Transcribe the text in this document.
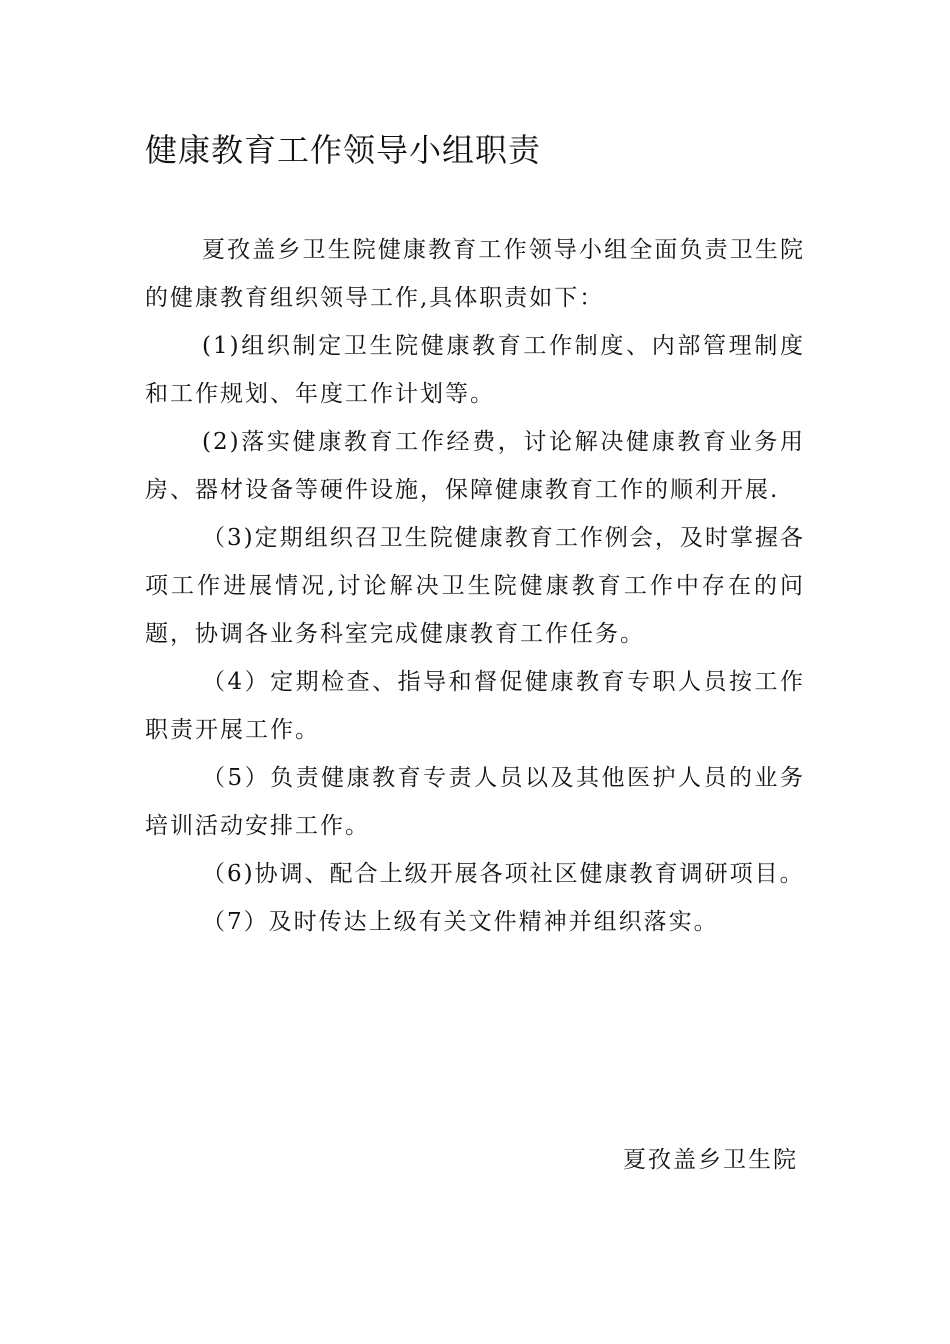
健康教育工作领导小组职责

夏孜盖乡卫生院健康教育工作领导小组全面负责卫生院的健康教育组织领导工作,具体职责如下：

(1)组织制定卫生院健康教育工作制度、内部管理制度和工作规划、年度工作计划等。

(2)落实健康教育工作经费，讨论解决健康教育业务用房、器材设备等硬件设施，保障健康教育工作的顺利开展.

（3)定期组织召卫生院健康教育工作例会，及时掌握各项工作进展情况,讨论解决卫生院健康教育工作中存在的问题，协调各业务科室完成健康教育工作任务。

（4）定期检查、指导和督促健康教育专职人员按工作职责开展工作。

（5）负责健康教育专责人员以及其他医护人员的业务培训活动安排工作。

（6)协调、配合上级开展各项社区健康教育调研项目。

（7）及时传达上级有关文件精神并组织落实。

夏孜盖乡卫生院
